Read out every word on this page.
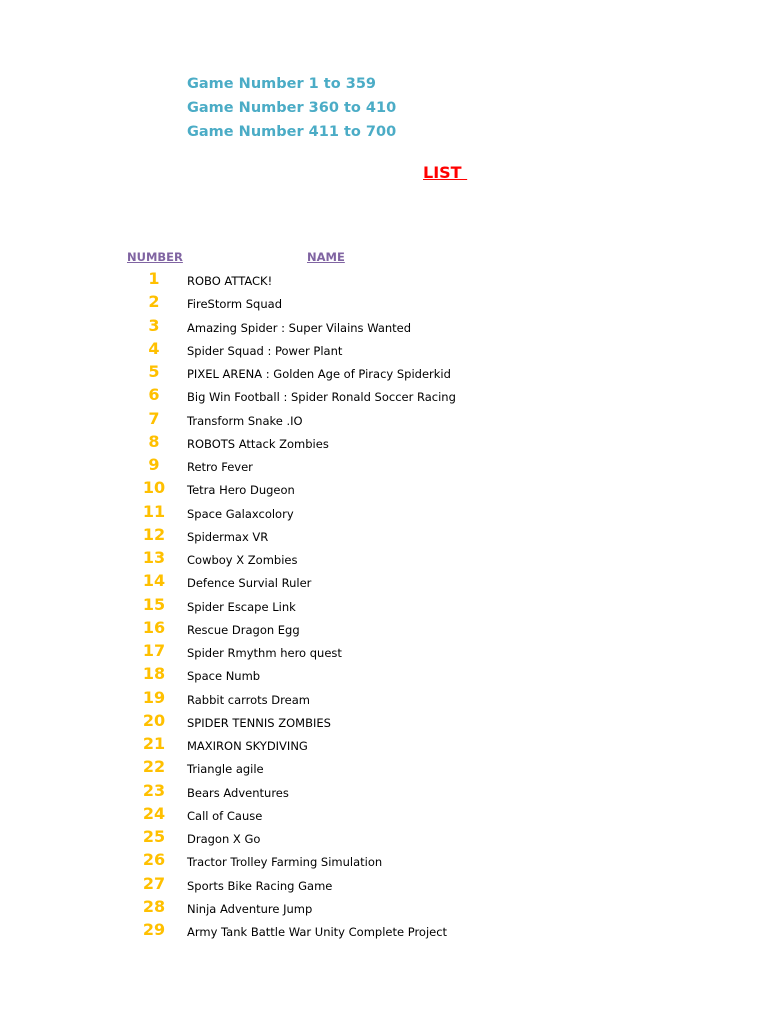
Game Number 1 to 359
Game Number 360 to 410
Game Number 411 to 700
LIST
NUMBER	NAME
1	ROBO ATTACK!
2	FireStorm Squad
3	Amazing Spider : Super Vilains Wanted
4	Spider Squad : Power Plant
5	PIXEL ARENA : Golden Age of Piracy Spiderkid
6	Big Win Football : Spider Ronald Soccer Racing
7	Transform Snake .IO
8	ROBOTS Attack Zombies
9	Retro Fever
10	Tetra Hero Dugeon
11	Space Galaxcolory
12	Spidermax VR
13	Cowboy X Zombies
14	Defence Survial Ruler
15	Spider Escape Link
16	Rescue Dragon Egg
17	Spider Rmythm hero quest
18	Space Numb
19	Rabbit carrots Dream
20	SPIDER TENNIS ZOMBIES
21	MAXIRON SKYDIVING
22	Triangle agile
23	Bears Adventures
24	Call of Cause
25	Dragon X Go
26	Tractor Trolley Farming Simulation
27	Sports Bike Racing Game
28	Ninja Adventure Jump
29	Army Tank Battle War Unity Complete Project
